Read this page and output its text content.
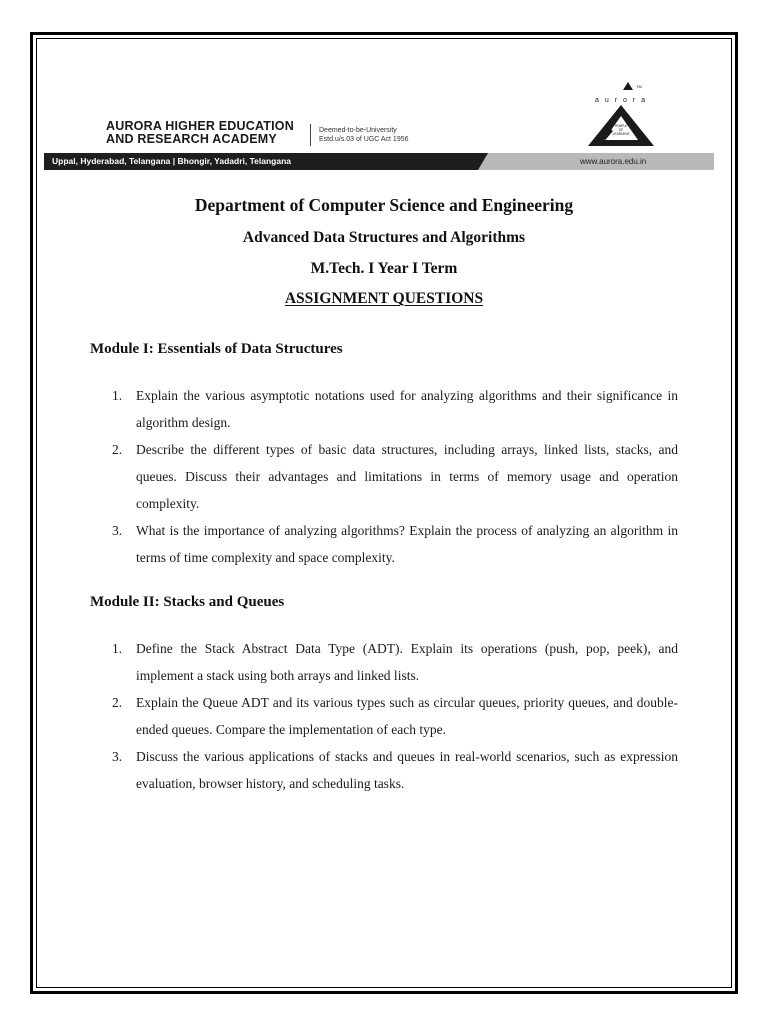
AURORA HIGHER EDUCATION
AND RESEARCH ACADEMY
Deemed-to-be-University
Estd.u/s.03 of UGC Act 1956
Uppal, Hyderabad, Telangana | Bhongir, Yadadri, Telangana	www.aurora.edu.in
TM
a u r o r a
TEMPLE
OF
LEARNING
Department of Computer Science and Engineering
Advanced Data Structures and Algorithms
M.Tech. I Year I Term
ASSIGNMENT QUESTIONS
Module I: Essentials of Data Structures
1. Explain the various asymptotic notations used for analyzing algorithms and their significance in algorithm design.
2. Describe the different types of basic data structures, including arrays, linked lists, stacks, and queues. Discuss their advantages and limitations in terms of memory usage and operation complexity.
3. What is the importance of analyzing algorithms? Explain the process of analyzing an algorithm in terms of time complexity and space complexity.
Module II: Stacks and Queues
1. Define the Stack Abstract Data Type (ADT). Explain its operations (push, pop, peek), and implement a stack using both arrays and linked lists.
2. Explain the Queue ADT and its various types such as circular queues, priority queues, and double-ended queues. Compare the implementation of each type.
3. Discuss the various applications of stacks and queues in real-world scenarios, such as expression evaluation, browser history, and scheduling tasks.
